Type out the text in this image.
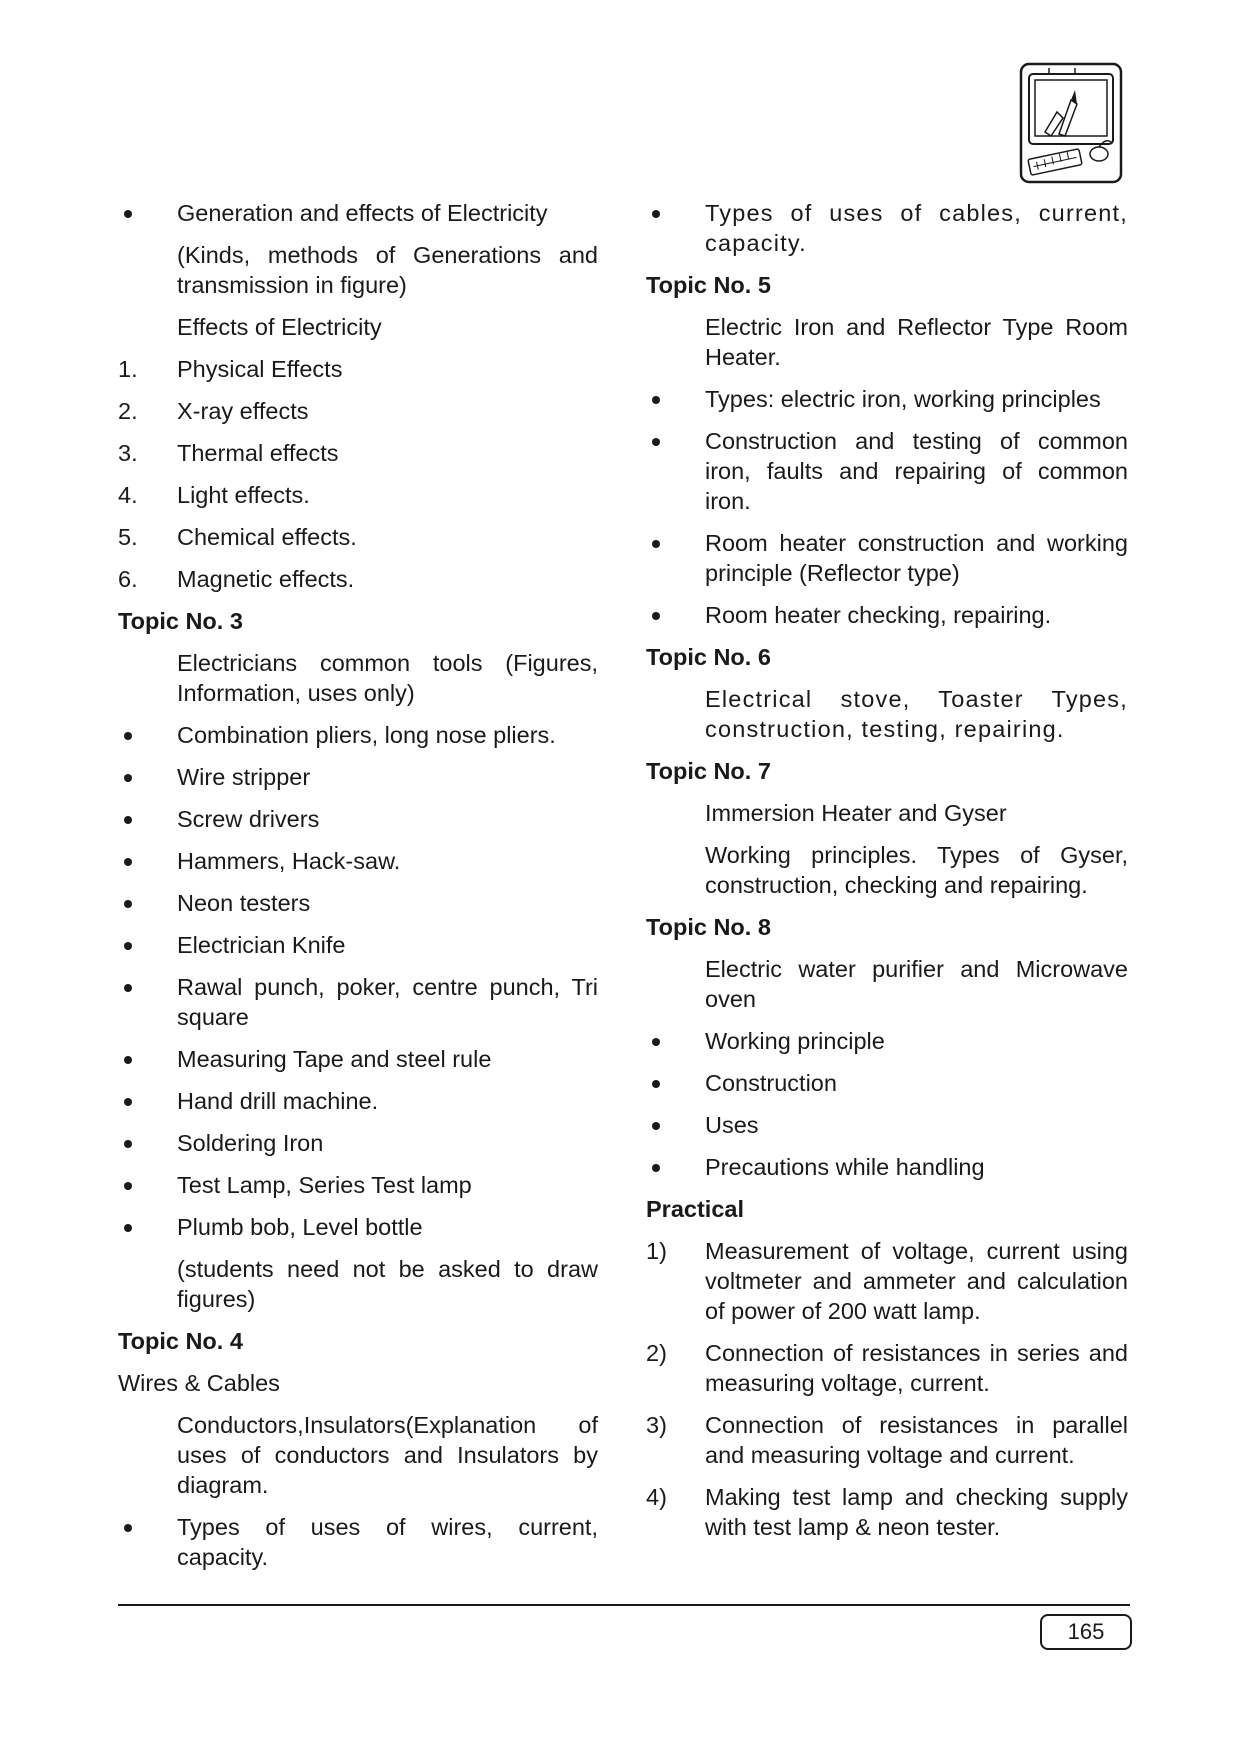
Generation and effects of Electricity
(Kinds, methods of Generations and transmission in figure)
Effects of Electricity
1.	Physical Effects
2.	X-ray effects
3.	Thermal effects
4.	Light effects.
5.	Chemical effects.
6.	Magnetic effects.
Topic No. 3
Electricians common tools (Figures, Information, uses only)
Combination pliers, long nose pliers.
Wire stripper
Screw drivers
Hammers, Hack-saw.
Neon testers
Electrician Knife
Rawal punch, poker, centre punch, Tri square
Measuring Tape and steel rule
Hand drill machine.
Soldering Iron
Test Lamp, Series Test lamp
Plumb bob, Level bottle
(students need not be asked to draw figures)
Topic No. 4
Wires & Cables
Conductors,Insulators(Explanation of uses of conductors and Insulators by diagram.
Types of uses of wires, current, capacity.
Types of uses of cables, current, capacity.
Topic No. 5
Electric Iron and Reflector Type Room Heater.
Types: electric iron, working principles
Construction and testing of common iron, faults and repairing of common iron.
Room heater construction and working principle (Reflector type)
Room heater checking, repairing.
Topic No. 6
Electrical stove, Toaster Types, construction, testing, repairing.
Topic No. 7
Immersion Heater and Gyser
Working principles. Types of Gyser, construction, checking and repairing.
Topic No. 8
Electric water purifier and Microwave oven
Working principle
Construction
Uses
Precautions while handling
Practical
1)	Measurement of voltage, current using voltmeter and ammeter and calculation of power of 200 watt lamp.
2)	Connection of resistances in series and measuring voltage, current.
3)	Connection of resistances in parallel and measuring voltage and current.
4)	Making test lamp and checking supply with test lamp & neon tester.
165
